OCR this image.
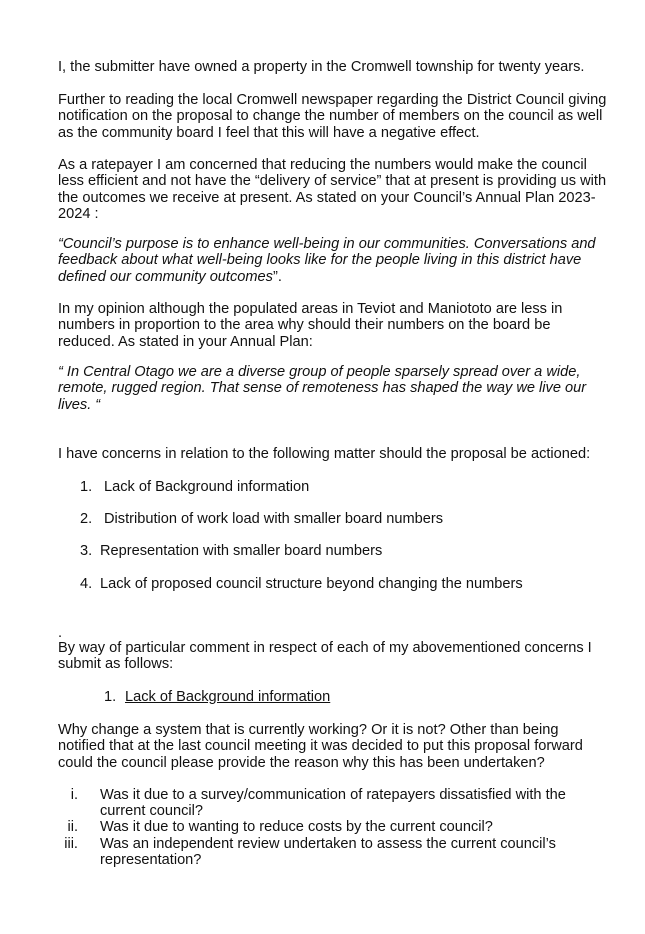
I, the submitter have owned a property in the Cromwell township for twenty years.

Further to reading the local Cromwell newspaper regarding the District Council giving notification on the proposal to change the number of members on the council as well as the community board I feel that this will have a negative effect.

As a ratepayer I am concerned that reducing the numbers would make the council less efficient and not have the “delivery of service” that at present is providing us with the outcomes we receive at present. As stated on your Council’s Annual Plan 2023-2024 :

“Council’s purpose is to enhance well-being in our communities. Conversations and feedback about what well-being looks like for the people living in this district have defined our community outcomes”.

In my opinion although the populated areas in Teviot and Maniototo are less in numbers in proportion to the area why should their numbers on the board be reduced. As stated in your Annual Plan:

“ In Central Otago we are a diverse group of people sparsely spread over a wide, remote, rugged region. That sense of remoteness has shaped the way we live our lives. “

I have concerns in relation to the following matter should the proposal be actioned:

1. Lack of Background information
2. Distribution of work load with smaller board numbers
3. Representation with smaller board numbers
4. Lack of proposed council structure beyond changing the numbers
.

By way of particular comment in respect of each of my abovementioned concerns I submit as follows:

1. Lack of Background information

Why change a system that is currently working? Or it is not? Other than being notified that at the last council meeting it was decided to put this proposal forward could the council please provide the reason why this has been undertaken?

i. Was it due to a survey/communication of ratepayers dissatisfied with the current council?
ii. Was it due to wanting to reduce costs by the current council?
iii. Was an independent review undertaken to assess the current council’s representation?
